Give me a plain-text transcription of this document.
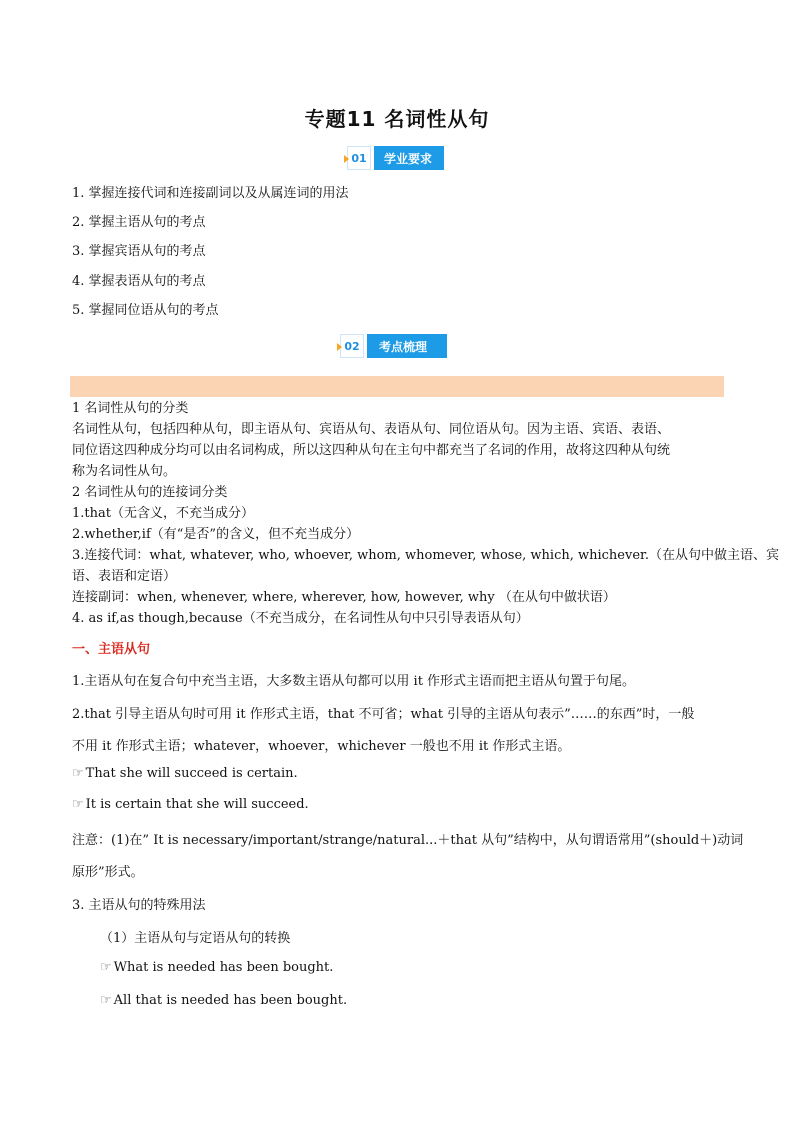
专题11 名词性从句
01	学业要求
1. 掌握连接代词和连接副词以及从属连词的用法
2. 掌握主语从句的考点
3. 掌握宾语从句的考点
4. 掌握表语从句的考点
5. 掌握同位语从句的考点
02	考点梳理
1 名词性从句的分类
名词性从句，包括四种从句，即主语从句、宾语从句、表语从句、同位语从句。因为主语、宾语、表语、
同位语这四种成分均可以由名词构成，所以这四种从句在主句中都充当了名词的作用，故将这四种从句统
称为名词性从句。
2 名词性从句的连接词分类
1.that（无含义，不充当成分）
2.whether,if（有“是否”的含义，但不充当成分）
3.连接代词：what, whatever, who, whoever, whom, whomever, whose, which, whichever.（在从句中做主语、宾
语、表语和定语）
连接副词：when, whenever, where, wherever, how, however, why （在从句中做状语）
4. as if,as though,because（不充当成分，在名词性从句中只引导表语从句）
一、主语从句
1.主语从句在复合句中充当主语，大多数主语从句都可以用 it 作形式主语而把主语从句置于句尾。
2.that 引导主语从句时可用 it 作形式主语，that 不可省；what 引导的主语从句表示”……的东西”时，一般
不用 it 作形式主语；whatever，whoever，whichever 一般也不用 it 作形式主语。
☞ That she will succeed is certain.
☞ It is certain that she will succeed.
注意：(1)在” It is necessary/important/strange/natural...＋that 从句”结构中，从句谓语常用”(should＋)动词
原形”形式。
3. 主语从句的特殊用法
（1）主语从句与定语从句的转换
☞ What is needed has been bought.
☞ All that is needed has been bought.
